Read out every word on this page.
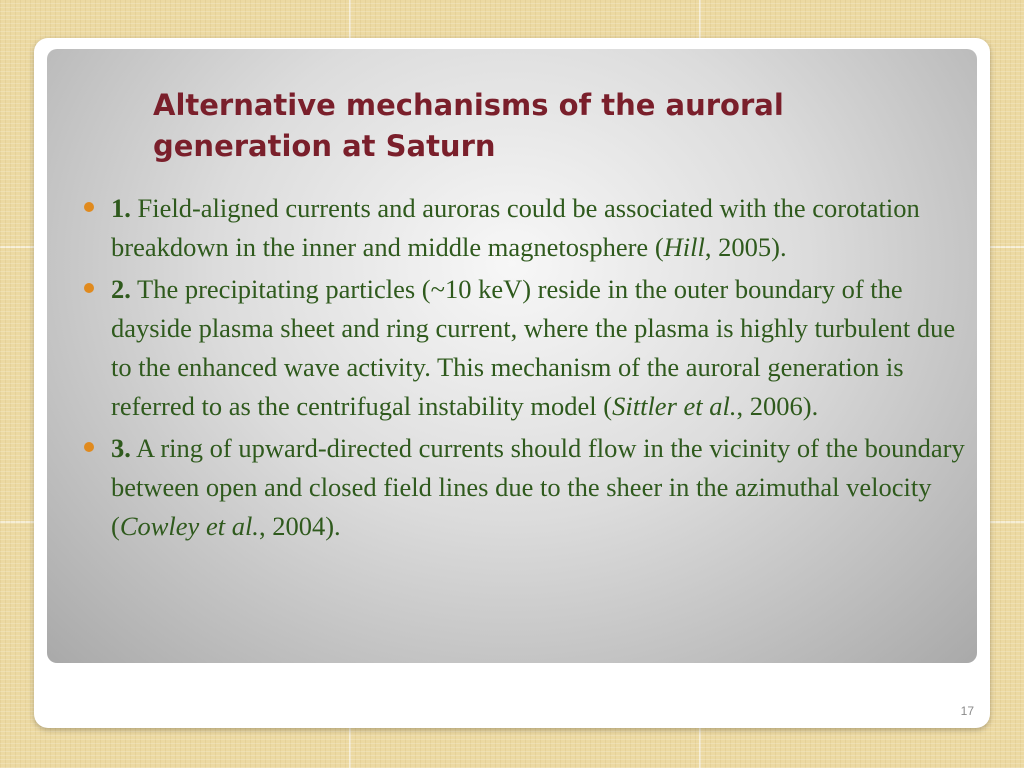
Alternative mechanisms of the auroral generation at Saturn
1. Field-aligned currents and auroras could be associated with the corotation breakdown in the inner and middle magnetosphere (Hill, 2005).
2. The precipitating particles (~10 keV) reside in the outer boundary of the dayside plasma sheet and ring current, where the plasma is highly turbulent due to the enhanced wave activity. This mechanism of the auroral generation is referred to as the centrifugal instability model (Sittler et al., 2006).
3. A ring of upward-directed currents should flow in the vicinity of the boundary between open and closed field lines due to the sheer in the azimuthal velocity (Cowley et al., 2004).
17
